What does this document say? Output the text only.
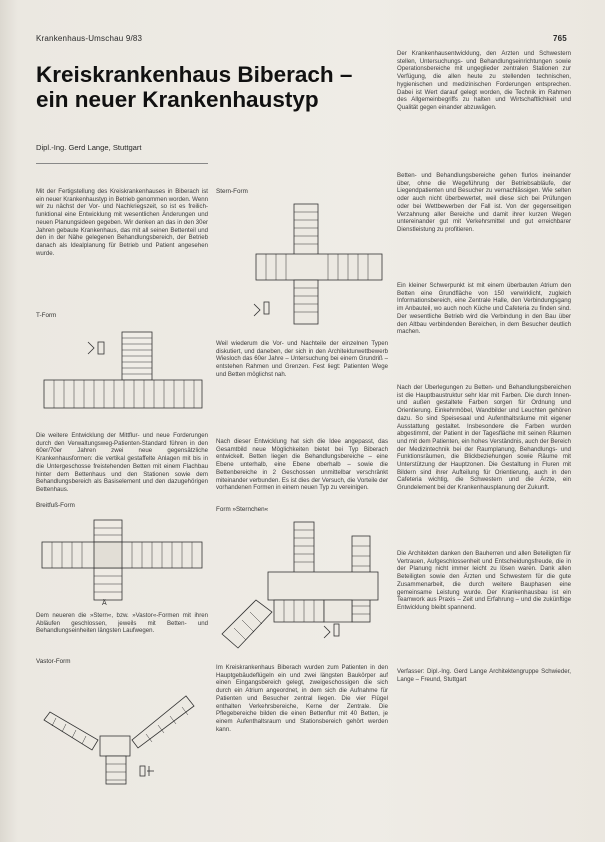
Krankenhaus-Umschau 9/83	765
Kreiskrankenhaus Biberach –
ein neuer Krankenhaustyp
Dipl.-Ing. Gerd Lange, Stuttgart
Mit der Fertigstellung des Kreiskrankenhauses in Biberach ist ein neuer Krankenhaustyp in Betrieb genommen worden. Wenn wir zu nächst der Vor- und Nachkriegszeit, so ist es freilich-funktional eine Entwicklung mit wesentlichen Änderungen und neuen Planungsideen gegeben. Wir denken an das in den 30er Jahren gebaute Krankenhaus, das mit all seinen Bettenteil und den in der Nähe gelegenen Behandlungsbereich, der Betrieb danach als Idealplanung für Betrieb und Patient angesehen wurde.
T-Form
Die weitere Entwicklung der Mittflur- und neue Forderungen durch den Verwaltungsweg-Patienten-Standard führen in den 60er/70er Jahren zwei neue gegensätzliche Krankenhausformen: die vertikal gestaffelte Anlagen mit bis in die Untergeschosse freistehenden Betten mit einem Flachbau hinter dem Bettenhaus und den Stationen sowie dem Behandlungsbereich als Basiselement und den dazugehörigen Bettenhaus.
Breitfuß-Form
Ä
Dem neueren die »Stern«, bzw. »Vastor«-Formen mit ihren Abläufen geschlossen, jeweils mit Betten- und Behandlungseinheiten längsten Laufwegen.
Vastor-Form
Stern-Form
Weil wiederum die Vor- und Nachteile der einzelnen Typen diskutiert, und daneben, der sich in den Architekturwettbewerb Wiesloch das 60er Jahre – Untersuchung bei einem Grundriß – entstehen Rahmen und Grenzen. Fest liegt: Patienten Wege und Betten möglichst nah.
Nach dieser Entwicklung hat sich die Idee angepasst, das Gesamtbild neue Möglichkeiten bietet bei Typ Biberach entwickelt. Betten liegen die Behandlungsbereiche – eine Ebene unterhalb, eine Ebene oberhalb – sowie die Bettenbereiche in 2 Geschossen unmittelbar verschränkt miteinander verbunden. Es ist dies der Versuch, die Vorteile der vorhandenen Formen in einem neuen Typ zu vereinigen.
Form »Sternchen«
Im Kreiskrankenhaus Biberach wurden zum Patienten in den Hauptgebäudeflügeln ein und zwei längsten Baukörper auf einen Eingangsbereich gelegt, zweigeschossigen die sich durch ein Atrium angeordnet, in dem sich die Aufnahme für Patienten und Besucher zentral liegen. Die vier Flügel enthalten Verkehrsbereiche, Kerne der Zentrale. Die Pflegebereiche bilden die einen Bettenflur mit 40 Betten, je einem Aufenthaltsraum und Stationsbereich gehört werden kann.
Der Krankenhausentwicklung, den Ärzten und Schwestern stellen, Untersuchungs- und Behandlungseinrichtungen sowie Operationsbereiche mit ungeglieder zentralen Stationen zur Verfügung, die allen heute zu stellenden technischen, hygienischen und medizinischen Forderungen entsprechen. Dabei ist Wert darauf gelegt worden, die Technik im Rahmen des Allgemeinbegriffs zu halten und Wirtschaftlichkeit und Qualität gegen einander abzuwägen.
Betten- und Behandlungsbereiche gehen flurlos ineinander über, ohne die Wegeführung der Betriebsabläufe, der Liegendpatienten und Besucher zu vernachlässigen. Wie selten oder auch nicht überbewertet, weil diese sich bei Prüfungen oder bei Wettbewerben der Fall ist. Von der gegenseitigen Verzahnung aller Bereiche und damit ihrer kurzen Wegen untereinander gut mit Verkehrsmittel und gut erreichbarer Dienstleistung zu profitieren.
Ein kleiner Schwerpunkt ist mit einem überbauten Atrium den Betten eine Grundfläche von 150 verwirklicht, zugleich Informationsbereich, eine Zentrale Halle, den Verbindungsgang im Anbauteil, wo auch noch Küche und Cafeteria zu finden sind. Der wesentliche Betrieb wird die Verbindung in den Bau über den Altbau verbindenden Bereichen, in dem Besucher deutlich machen.
Nach der Überlegungen zu Betten- und Behandlungsbereichen ist die Hauptbaustruktur sehr klar mit Farben. Die durch Innen- und außen gestaltete Farben sorgen für Ordnung und Orientierung. Einkehrmöbel, Wandbilder und Leuchten gehören dazu. So sind Speisesaal und Aufenthaltsräume mit eigener Ausstattung gestaltet. Insbesondere die Farben wurden abgestimmt, der Patient in der Tagesfläche mit seinen Räumen und mit dem Patienten, ein hohes Verständnis, auch der Bereich der Medizintechnik bei der Raumplanung, Behandlungs- und Funktionsräumen, die Blickbeziehungen sowie Räume mit Unterstützung der Hauptzonen. Die Gestaltung in Fluren mit Bildern sind ihrer Aufteilung für Orientierung, auch in den Cafeteria wichtig, die Schwestern und die Ärzte, ein Grundelement bei der Krankenhausplanung der Zukunft.
Die Architekten danken den Bauherren und allen Beteiligten für Vertrauen, Aufgeschlossenheit und Entscheidungsfreude, die in der Planung nicht immer leicht zu lösen waren. Dank allen Beteiligten sowie den Ärzten und Schwestern für die gute Zusammenarbeit, die durch weitere Bauphasen eine gemeinsame Leistung wurde. Der Krankenhausbau ist ein Teamwork aus Praxis – Zeit und Erfahrung – und die zukünftige Entwicklung bleibt spannend.
Verfasser: Dipl.-Ing. Gerd Lange Architektengruppe Schwieder, Lange – Freund, Stuttgart
